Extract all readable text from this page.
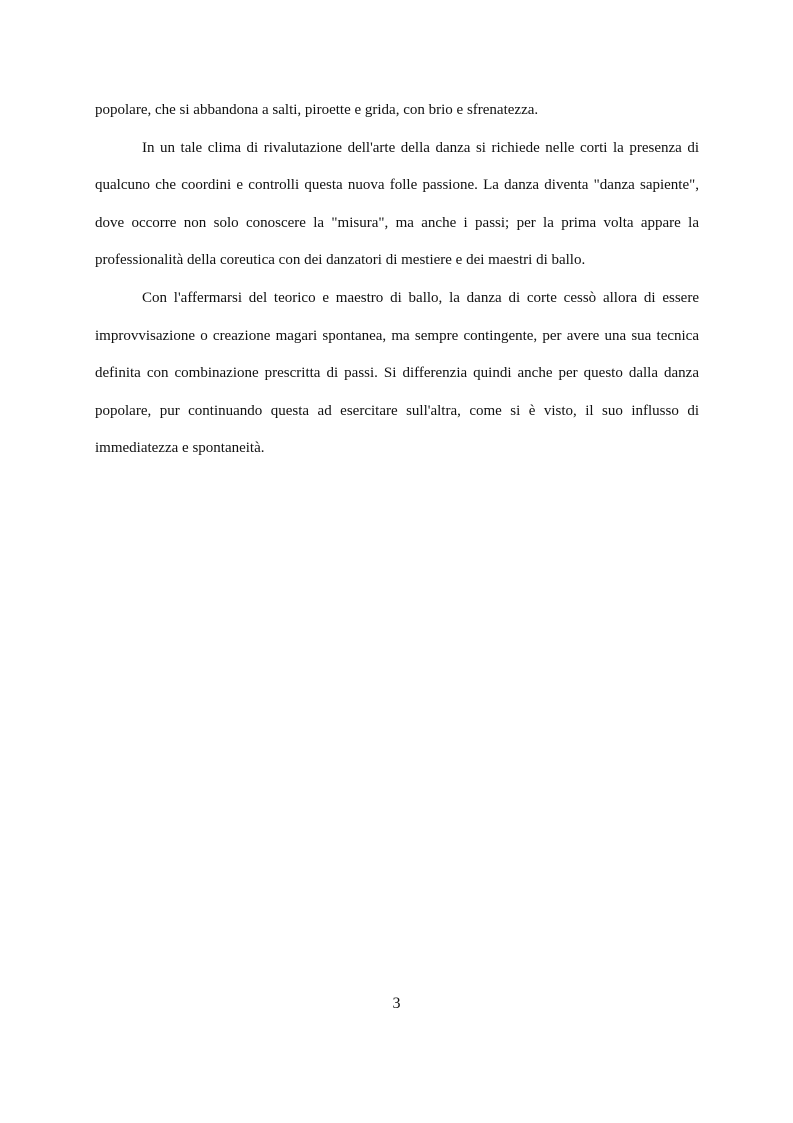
popolare, che si abbandona a salti, piroette e grida, con brio e sfrenatezza.

In un tale clima di rivalutazione dell'arte della danza si richiede nelle corti la presenza di qualcuno che coordini e controlli questa nuova folle passione. La danza diventa "danza sapiente", dove occorre non solo conoscere la "misura", ma anche i passi; per la prima volta appare la professionalità della coreutica con dei danzatori di mestiere e dei maestri di ballo.

Con l'affermarsi del teorico e maestro di ballo, la danza di corte cessò allora di essere improvvisazione o creazione magari spontanea, ma sempre contingente, per avere una sua tecnica definita con combinazione prescritta di passi. Si differenzia quindi anche per questo dalla danza popolare, pur continuando questa ad esercitare sull'altra, come si è visto, il suo influsso di immediatezza e spontaneità.

3
